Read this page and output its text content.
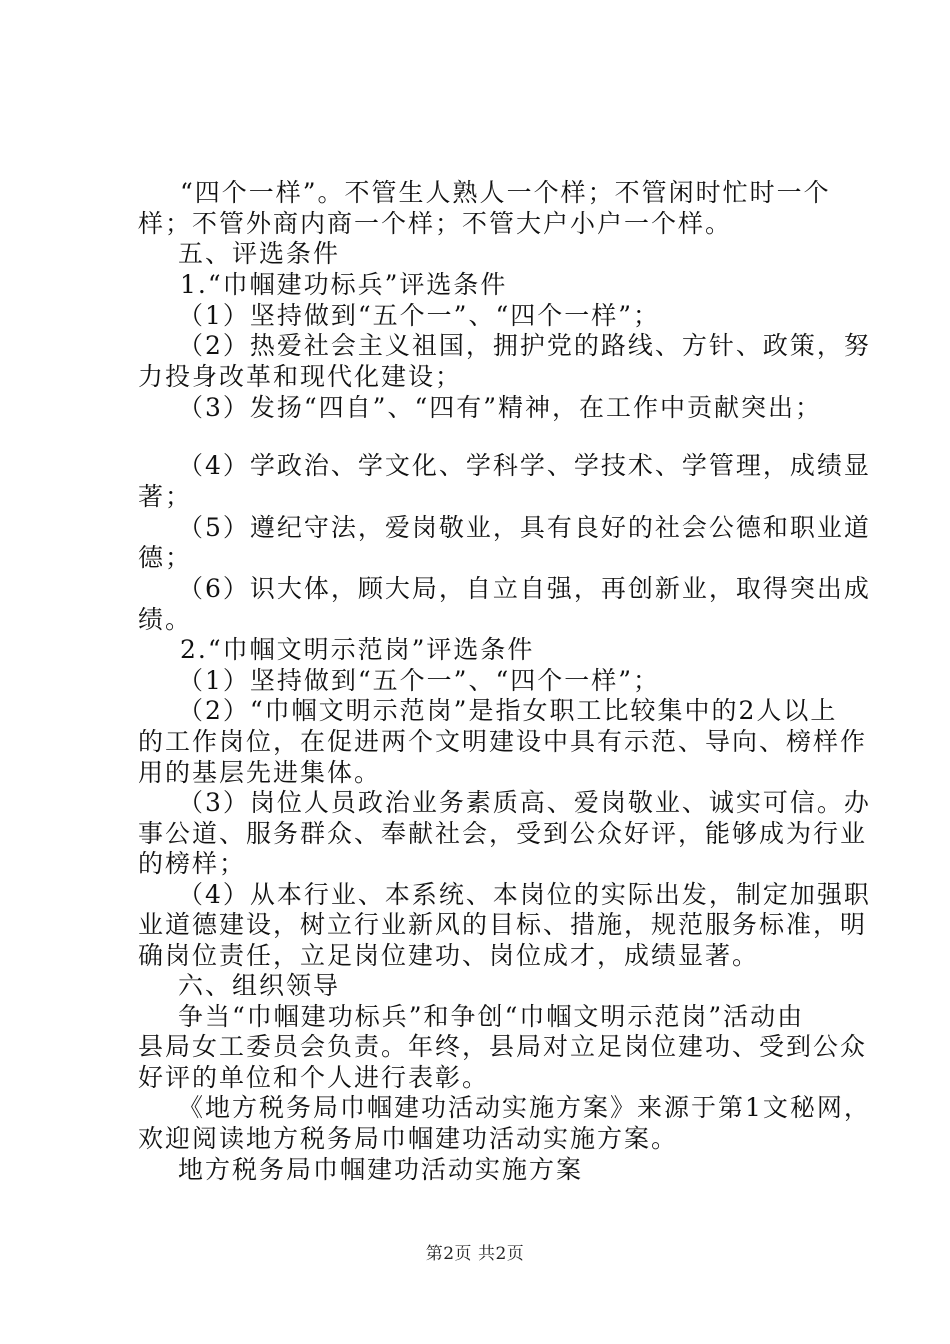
“四个一样”。不管生人熟人一个样；不管闲时忙时一个
样；不管外商内商一个样；不管大户小户一个样。
五、评选条件
1.“巾帼建功标兵”评选条件
（1）坚持做到“五个一”、“四个一样”；
（2）热爱社会主义祖国，拥护党的路线、方针、政策，努
力投身改革和现代化建设；
（3）发扬“四自”、“四有”精神，在工作中贡献突出；
（4）学政治、学文化、学科学、学技术、学管理，成绩显
著；
（5）遵纪守法，爱岗敬业，具有良好的社会公德和职业道
德；
（6）识大体，顾大局，自立自强，再创新业，取得突出成
绩。
2.“巾帼文明示范岗”评选条件
（1）坚持做到“五个一”、“四个一样”；
（2）“巾帼文明示范岗”是指女职工比较集中的2人以上
的工作岗位，在促进两个文明建设中具有示范、导向、榜样作
用的基层先进集体。
（3）岗位人员政治业务素质高、爱岗敬业、诚实可信。办
事公道、服务群众、奉献社会，受到公众好评，能够成为行业
的榜样；
（4）从本行业、本系统、本岗位的实际出发，制定加强职
业道德建设，树立行业新风的目标、措施，规范服务标准，明
确岗位责任，立足岗位建功、岗位成才，成绩显著。
六、组织领导
争当“巾帼建功标兵”和争创“巾帼文明示范岗”活动由
县局女工委员会负责。年终，县局对立足岗位建功、受到公众
好评的单位和个人进行表彰。
《地方税务局巾帼建功活动实施方案》来源于第1文秘网，
欢迎阅读地方税务局巾帼建功活动实施方案。
地方税务局巾帼建功活动实施方案
第2页 共2页
